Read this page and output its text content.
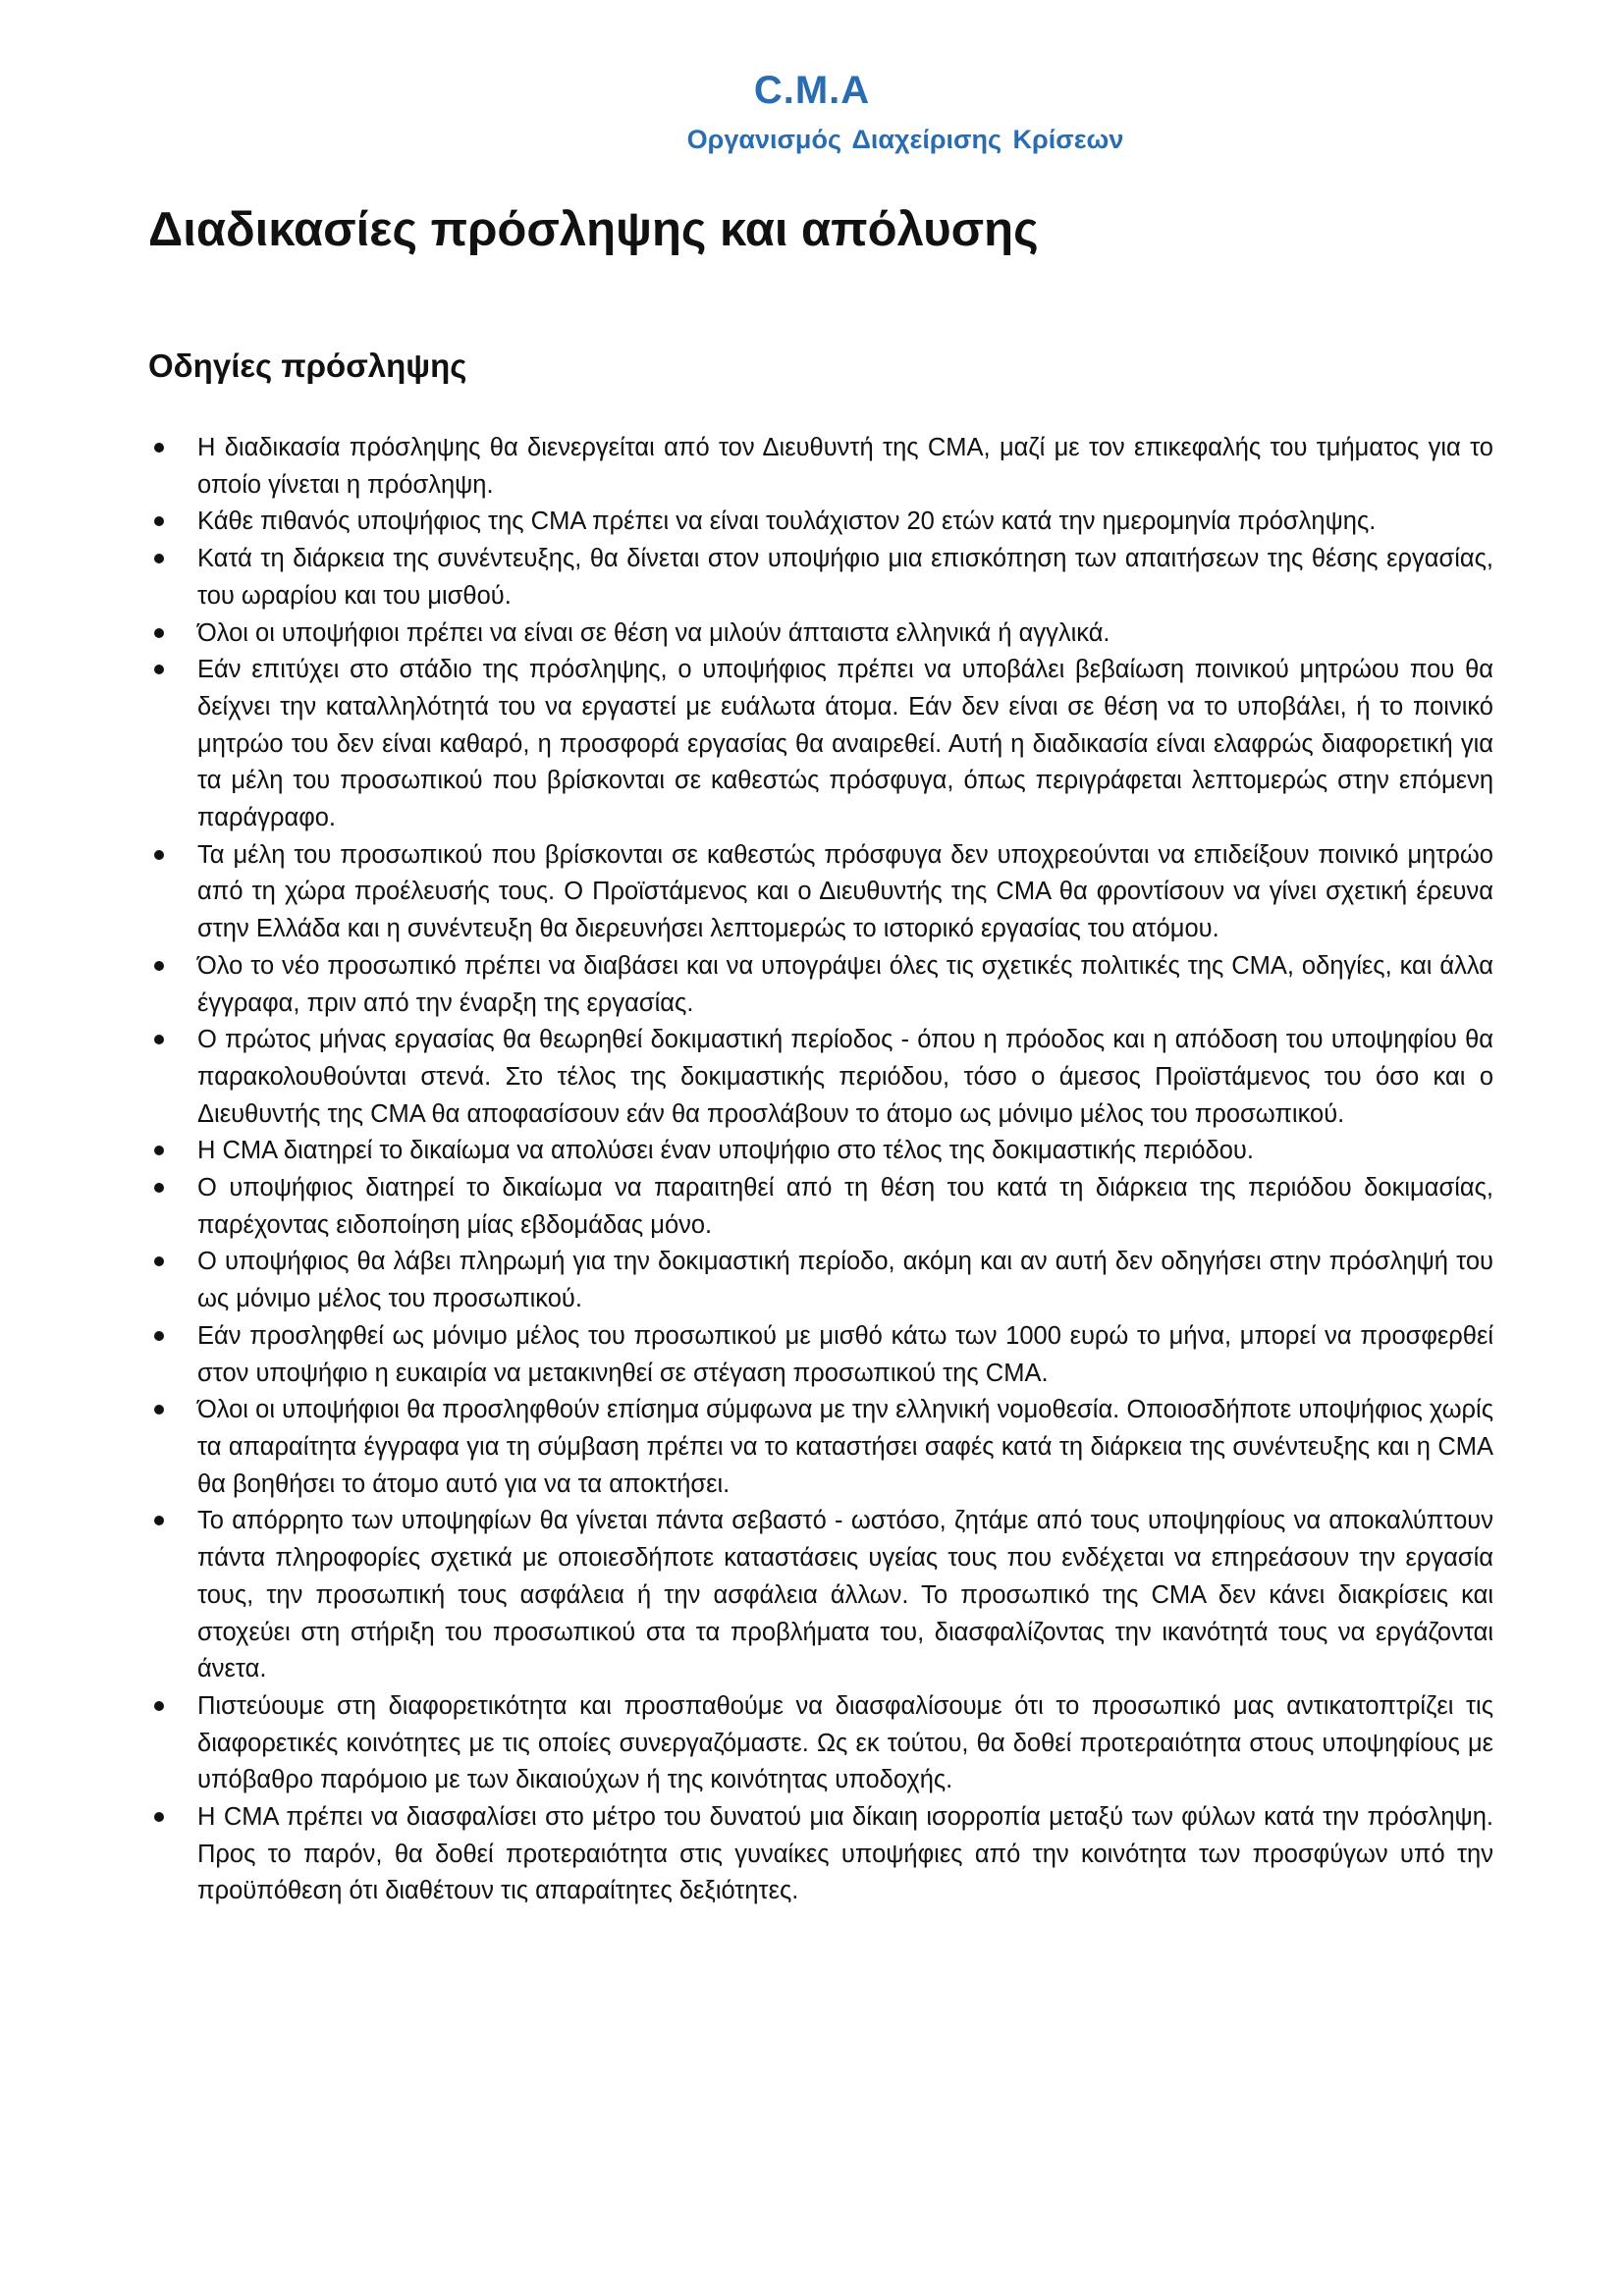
C.M.A
Οργανισμός Διαχείρισης Κρίσεων
Διαδικασίες πρόσληψης και απόλυσης
Οδηγίες πρόσληψης
Η διαδικασία πρόσληψης θα διενεργείται από τον Διευθυντή της CMA, μαζί με τον επικεφαλής του τμήματος για το οποίο γίνεται η πρόσληψη.
Κάθε πιθανός υποψήφιος της CMA πρέπει να είναι τουλάχιστον 20 ετών κατά την ημερομηνία πρόσληψης.
Κατά τη διάρκεια της συνέντευξης, θα δίνεται στον υποψήφιο μια επισκόπηση των απαιτήσεων της θέσης εργασίας, του ωραρίου και του μισθού.
Όλοι οι υποψήφιοι πρέπει να είναι σε θέση να μιλούν άπταιστα ελληνικά ή αγγλικά.
Εάν επιτύχει στο στάδιο της πρόσληψης, ο υποψήφιος πρέπει να υποβάλει βεβαίωση ποινικού μητρώου που θα δείχνει την καταλληλότητά του να εργαστεί με ευάλωτα άτομα. Εάν δεν είναι σε θέση να το υποβάλει, ή το ποινικό μητρώο του δεν είναι καθαρό, η προσφορά εργασίας θα αναιρεθεί. Αυτή η διαδικασία είναι ελαφρώς διαφορετική για τα μέλη του προσωπικού που βρίσκονται σε καθεστώς πρόσφυγα, όπως περιγράφεται λεπτομερώς στην επόμενη παράγραφο.
Τα μέλη του προσωπικού που βρίσκονται σε καθεστώς πρόσφυγα δεν υποχρεούνται να επιδείξουν ποινικό μητρώο από τη χώρα προέλευσής τους. Ο Προϊστάμενος και ο Διευθυντής της CMA θα φροντίσουν να γίνει σχετική έρευνα στην Ελλάδα και η συνέντευξη θα διερευνήσει λεπτομερώς το ιστορικό εργασίας του ατόμου.
Όλο το νέο προσωπικό πρέπει να διαβάσει και να υπογράψει όλες τις σχετικές πολιτικές της CMA, οδηγίες, και άλλα έγγραφα, πριν από την έναρξη της εργασίας.
Ο πρώτος μήνας εργασίας θα θεωρηθεί δοκιμαστική περίοδος - όπου η πρόοδος και η απόδοση του υποψηφίου θα παρακολουθούνται στενά. Στο τέλος της δοκιμαστικής περιόδου, τόσο ο άμεσος Προϊστάμενος του όσο και ο Διευθυντής της CMA θα αποφασίσουν εάν θα προσλάβουν το άτομο ως μόνιμο μέλος του προσωπικού.
Η CMA διατηρεί το δικαίωμα να απολύσει έναν υποψήφιο στο τέλος της δοκιμαστικής περιόδου.
Ο υποψήφιος διατηρεί το δικαίωμα να παραιτηθεί από τη θέση του κατά τη διάρκεια της περιόδου δοκιμασίας, παρέχοντας ειδοποίηση μίας εβδομάδας μόνο.
Ο υποψήφιος θα λάβει πληρωμή για την δοκιμαστική περίοδο, ακόμη και αν αυτή δεν οδηγήσει στην πρόσληψή του ως μόνιμο μέλος του προσωπικού.
Εάν προσληφθεί ως μόνιμο μέλος του προσωπικού με μισθό κάτω των 1000 ευρώ το μήνα, μπορεί να προσφερθεί στον υποψήφιο η ευκαιρία να μετακινηθεί σε στέγαση προσωπικού της CMA.
Όλοι οι υποψήφιοι θα προσληφθούν επίσημα σύμφωνα με την ελληνική νομοθεσία. Οποιοσδήποτε υποψήφιος χωρίς τα απαραίτητα έγγραφα για τη σύμβαση πρέπει να το καταστήσει σαφές κατά τη διάρκεια της συνέντευξης και η CMA θα βοηθήσει το άτομο αυτό για να τα αποκτήσει.
Το απόρρητο των υποψηφίων θα γίνεται πάντα σεβαστό - ωστόσο, ζητάμε από τους υποψηφίους να αποκαλύπτουν πάντα πληροφορίες σχετικά με οποιεσδήποτε καταστάσεις υγείας τους που ενδέχεται να επηρεάσουν την εργασία τους, την προσωπική τους ασφάλεια ή την ασφάλεια άλλων. Το προσωπικό της CMA δεν κάνει διακρίσεις και στοχεύει στη στήριξη του προσωπικού στα τα προβλήματα του, διασφαλίζοντας την ικανότητά τους να εργάζονται άνετα.
Πιστεύουμε στη διαφορετικότητα και προσπαθούμε να διασφαλίσουμε ότι το προσωπικό μας αντικατοπτρίζει τις διαφορετικές κοινότητες με τις οποίες συνεργαζόμαστε. Ως εκ τούτου, θα δοθεί προτεραιότητα στους υποψηφίους με υπόβαθρο παρόμοιο με των δικαιούχων ή της κοινότητας υποδοχής.
Η CMA πρέπει να διασφαλίσει στο μέτρο του δυνατού μια δίκαιη ισορροπία μεταξύ των φύλων κατά την πρόσληψη. Προς το παρόν, θα δοθεί προτεραιότητα στις γυναίκες υποψήφιες από την κοινότητα των προσφύγων υπό την προϋπόθεση ότι διαθέτουν τις απαραίτητες δεξιότητες.
